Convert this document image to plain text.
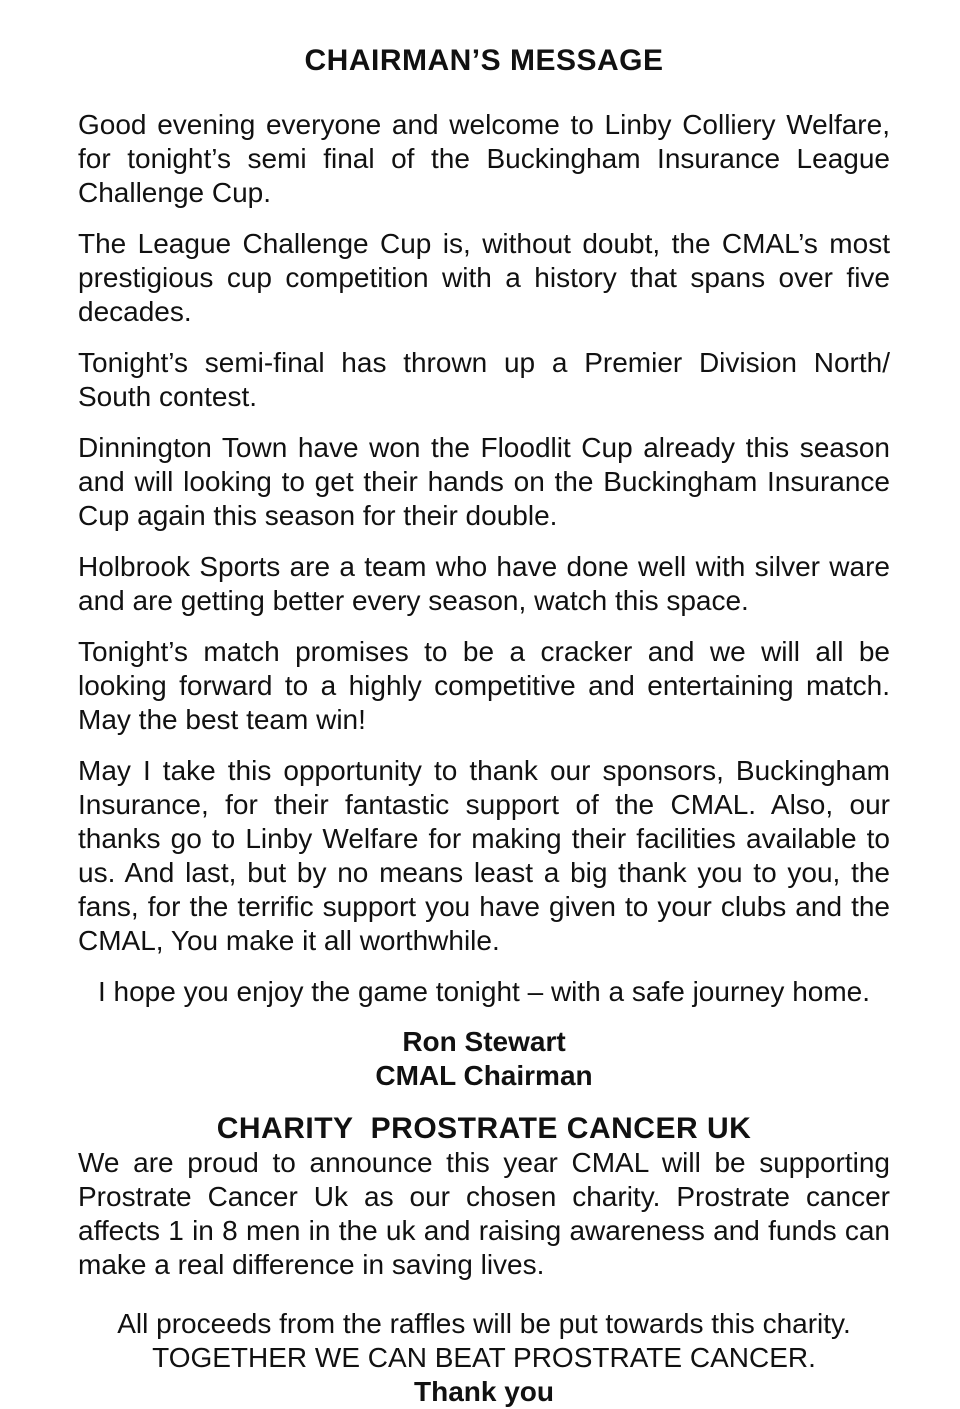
CHAIRMAN’S MESSAGE

Good evening everyone and welcome to Linby Colliery Welfare, for tonight’s semi final of the Buckingham Insurance League Challenge Cup.

The League Challenge Cup is, without doubt, the CMAL’s most prestigious cup competition with a history that spans over five decades.

Tonight’s semi-final has thrown up a Premier Division North/ South contest.

Dinnington Town have won the Floodlit Cup already this season and will looking to get their hands on the Buckingham Insurance Cup again this season for their double.

Holbrook Sports are a team who have done well with silver ware and are getting better every season, watch this space.

Tonight’s match promises to be a cracker and we will all be looking forward to a highly competitive and entertaining match. May the best team win!

May I take this opportunity to thank our sponsors, Buckingham Insurance, for their fantastic support of the CMAL. Also, our thanks go to Linby Welfare for making their facilities available to us. And last, but by no means least a big thank you to you, the fans, for the terrific support you have given to your clubs and the CMAL, You make it all worthwhile.

I hope you enjoy the game tonight – with a safe journey home.

Ron Stewart
CMAL Chairman
CHARITY  PROSTRATE CANCER UK

We are proud to announce this year CMAL will be supporting Prostrate Cancer Uk as our chosen charity. Prostrate cancer affects 1 in 8 men in the uk and raising awareness and funds can make a real difference in saving lives.

All proceeds from the raffles will be put towards this charity.
TOGETHER WE CAN BEAT PROSTRATE CANCER.
Thank you
